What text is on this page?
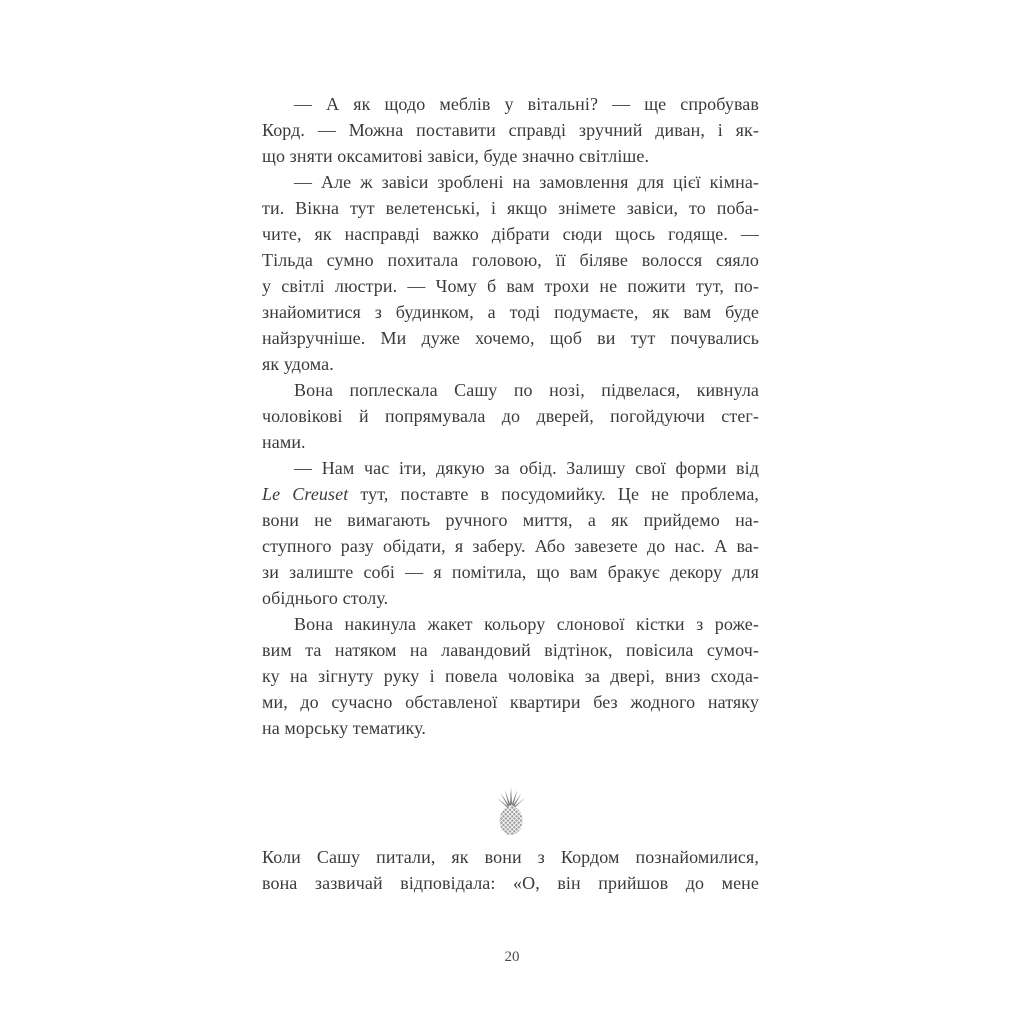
— А як щодо меблів у вітальні? — ще спробував
Корд. — Можна поставити справді зручний диван, і як-
що зняти оксамитові завіси, буде значно світліше.
— Але ж завіси зроблені на замовлення для цієї кімна-
ти. Вікна тут велетенські, і якщо знімете завіси, то поба-
чите, як насправді важко дібрати сюди щось годяще. —
Тільда сумно похитала головою, її біляве волосся сяяло
у світлі люстри. — Чому б вам трохи не пожити тут, по-
знайомитися з будинком, а тоді подумаєте, як вам буде
найзручніше. Ми дуже хочемо, щоб ви тут почувались
як удома.
Вона поплескала Сашу по нозі, підвелася, кивнула
чоловікові й попрямувала до дверей, погойдуючи стег-
нами.
— Нам час іти, дякую за обід. Залишу свої форми від
Le Creuset тут, поставте в посудомийку. Це не проблема,
вони не вимагають ручного миття, а як прийдемо на-
ступного разу обідати, я заберу. Або завезете до нас. А ва-
зи залиште собі — я помітила, що вам бракує декору для
обіднього столу.
Вона накинула жакет кольору слонової кістки з роже-
вим та натяком на лавандовий відтінок, повісила сумоч-
ку на зігнуту руку і повела чоловіка за двері, вниз схода-
ми, до сучасно обставленої квартири без жодного натяку
на морську тематику.
Коли Сашу питали, як вони з Кордом познайомилися,
вона зазвичай відповідала: «О, він прийшов до мене
20
